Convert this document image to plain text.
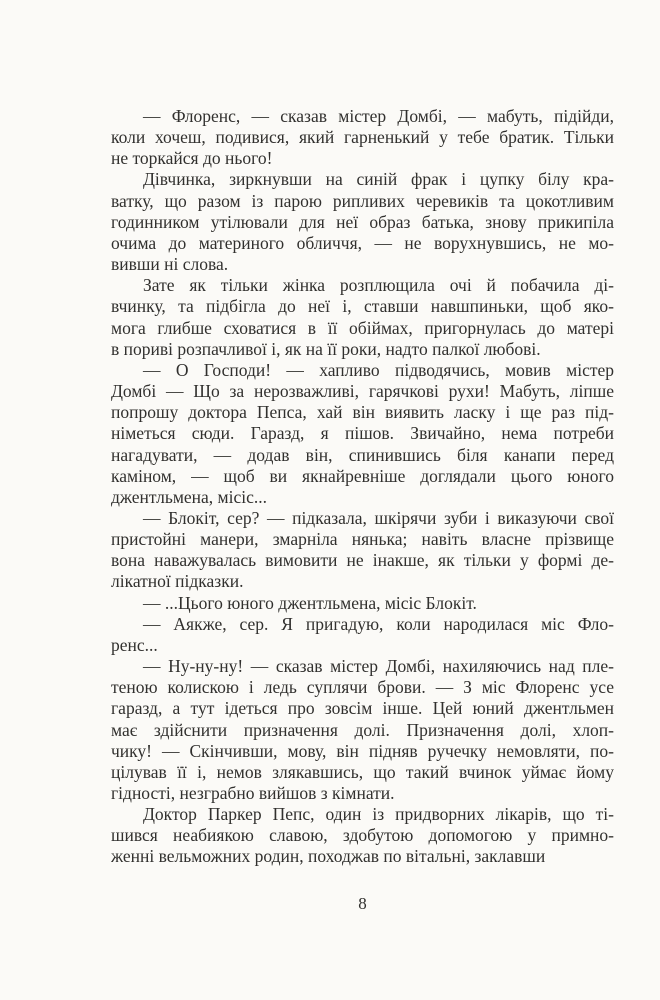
— Флоренс, — сказав містер Домбі, — мабуть, підійди,
коли хочеш, подивися, який гарненький у тебе братик. Тільки
не торкайся до нього!
Дівчинка, зиркнувши на синій фрак і цупку білу кра-
ватку, що разом із парою рипливих черевиків та цокотливим
годинником утілювали для неї образ батька, знову прикипіла
очима до материного обличчя, — не ворухнувшись, не мо-
вивши ні слова.
Зате як тільки жінка розплющила очі й побачила ді-
вчинку, та підбігла до неї і, ставши навшпиньки, щоб яко-
мога глибше сховатися в її обіймах, пригорнулась до матері
в пориві розпачливої і, як на її роки, надто палкої любові.
— О Господи! — хапливо підводячись, мовив містер
Домбі — Що за нерозважливі, гарячкові рухи! Мабуть, ліпше
попрошу доктора Пепса, хай він виявить ласку і ще раз під-
німеться сюди. Гаразд, я пішов. Звичайно, нема потреби
нагадувати, — додав він, спинившись біля канапи перед
каміном, — щоб ви якнайревніше доглядали цього юного
джентльмена, місіс...
— Блокіт, сер? — підказала, шкірячи зуби і виказуючи свої
пристойні манери, змарніла нянька; навіть власне прізвище
вона наважувалась вимовити не інакше, як тільки у формі де-
лікатної підказки.
— ...Цього юного джентльмена, місіс Блокіт.
— Аякже, сер. Я пригадую, коли народилася міс Фло-
ренс...
— Ну-ну-ну! — сказав містер Домбі, нахиляючись над пле-
теною колискою і ледь суплячи брови. — З міс Флоренс усе
гаразд, а тут ідеться про зовсім інше. Цей юний джентльмен
має здійснити призначення долі. Призначення долі, хлоп-
чику! — Скінчивши, мову, він підняв ручечку немовляти, по-
цілував її і, немов злякавшись, що такий вчинок уймає йому
гідності, незграбно вийшов з кімнати.
Доктор Паркер Пепс, один із придворних лікарів, що ті-
шився неабиякою славою, здобутою допомогою у примно-
женні вельможних родин, походжав по вітальні, заклавши
8
